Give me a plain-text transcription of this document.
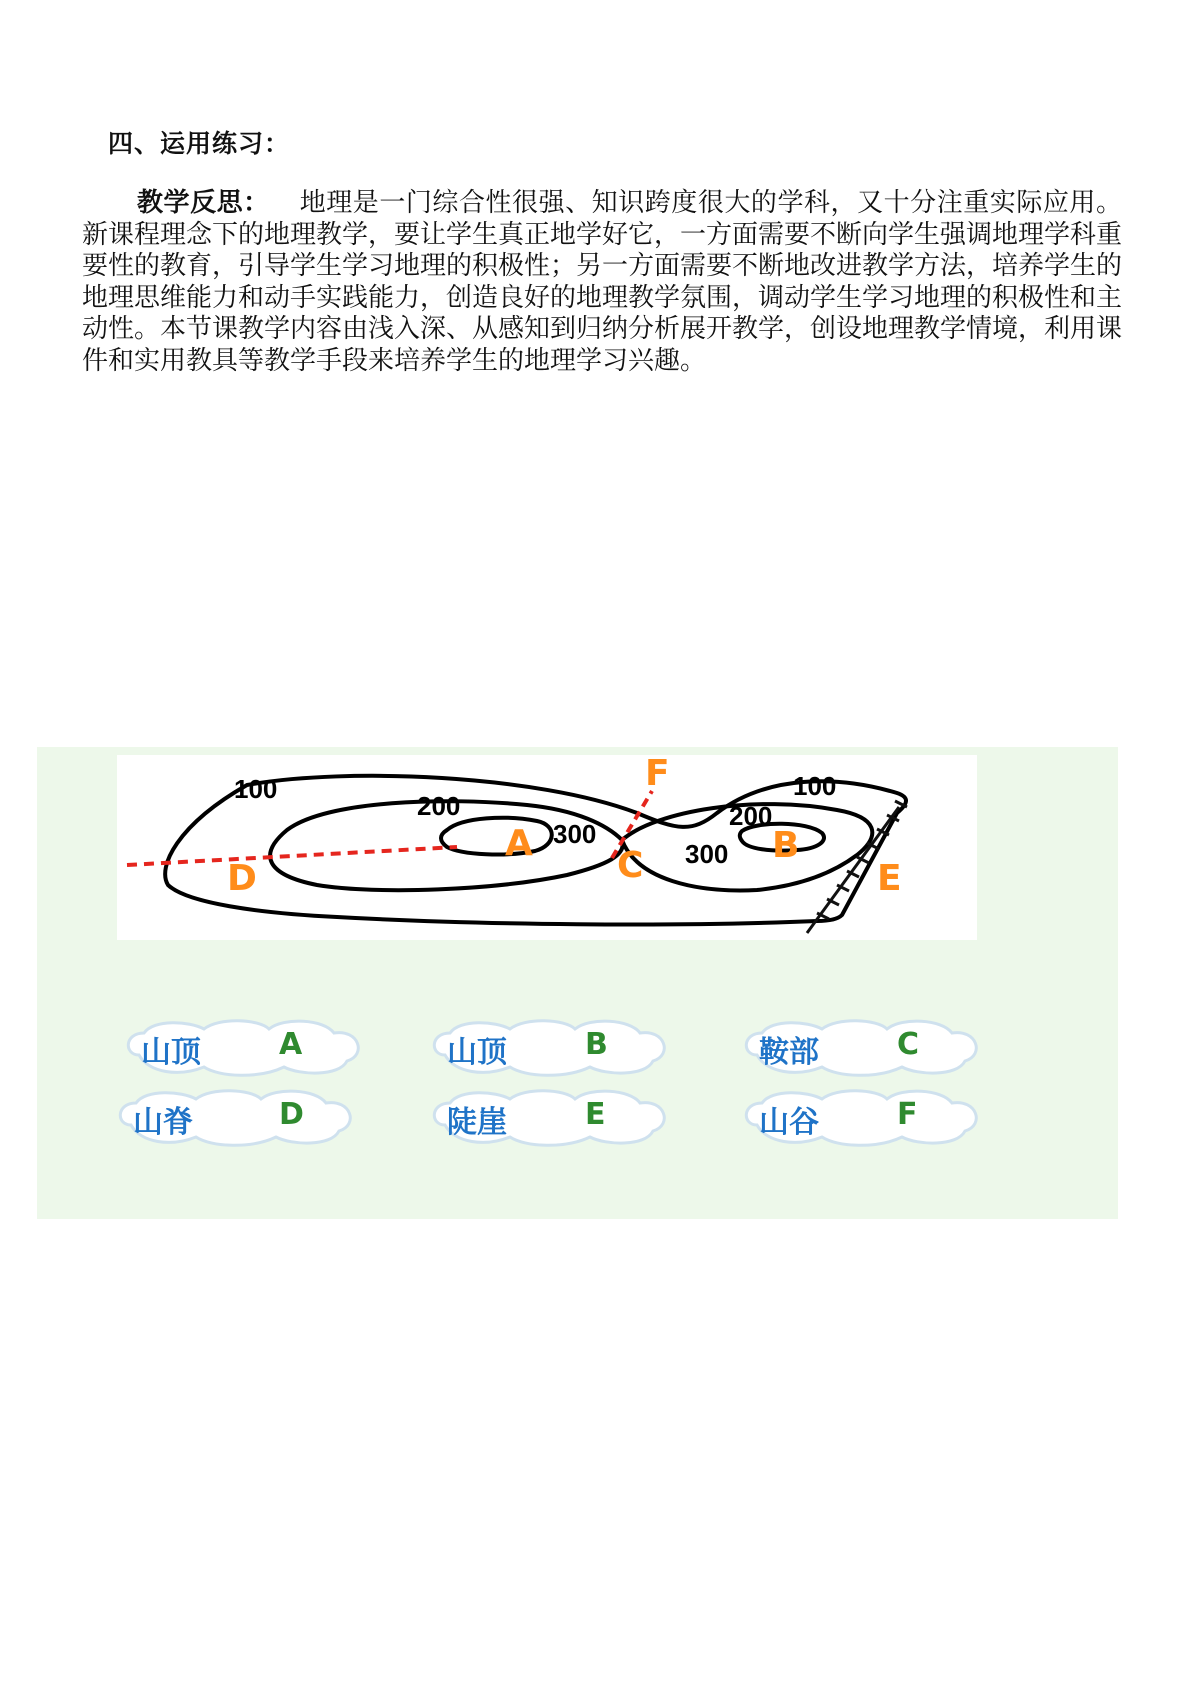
四、运用练习：

教学反思： 地理是一门综合性很强、知识跨度很大的学科，又十分注重实际应用。新课程理念下的地理教学，要让学生真正地学好它，一方面需要不断向学生强调地理学科重要性的教育，引导学生学习地理的积极性；另一方面需要不断地改进教学方法，培养学生的地理思维能力和动手实践能力，创造良好的地理教学氛围，调动学生学习地理的积极性和主动性。本节课教学内容由浅入深、从感知到归纳分析展开教学，创设地理教学情境，利用课件和实用教具等教学手段来培养学生的地理学习兴趣。

100
200
300
300
200
100
A	B
C
D	E
F
山顶	A	山顶	B	鞍部	C
山脊	D	陡崖	E	山谷	F
